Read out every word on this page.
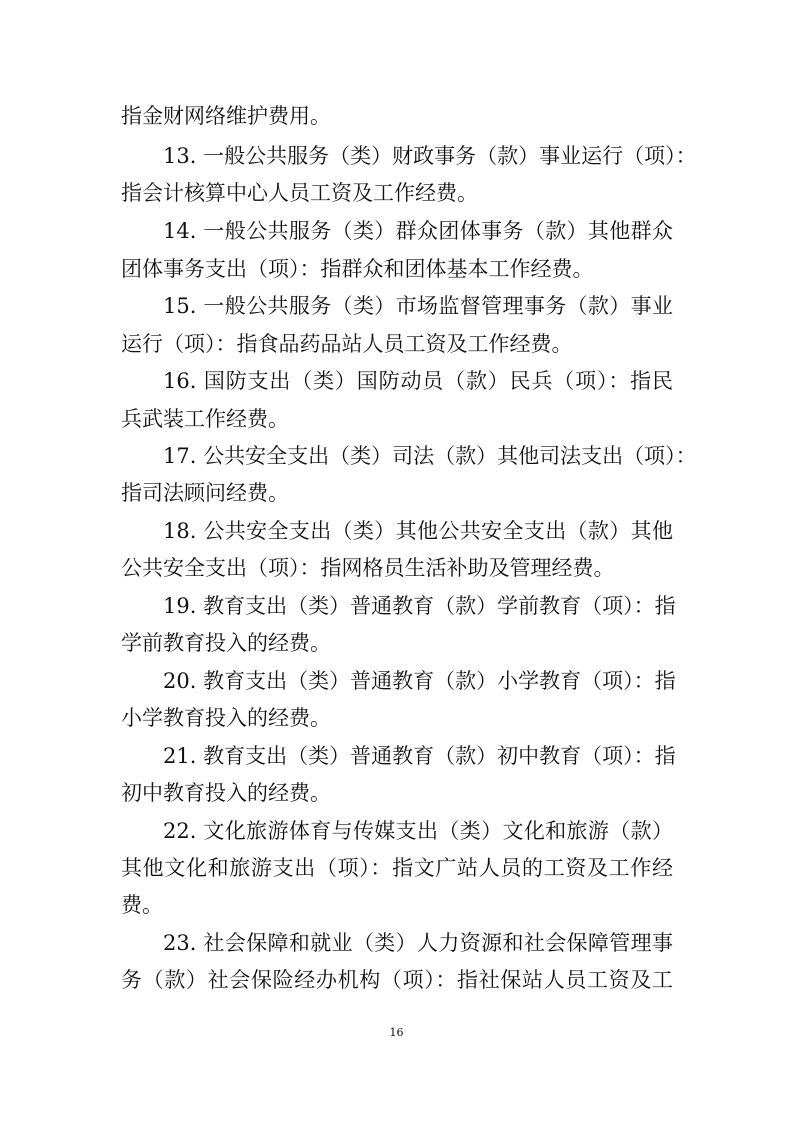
指金财网络维护费用。
13. 一般公共服务（类）财政事务（款）事业运行（项）：
指会计核算中心人员工资及工作经费。
14. 一般公共服务（类）群众团体事务（款）其他群众
团体事务支出（项）：指群众和团体基本工作经费。
15. 一般公共服务（类）市场监督管理事务（款）事业
运行（项）：指食品药品站人员工资及工作经费。
16. 国防支出（类）国防动员（款）民兵（项）：指民
兵武装工作经费。
17. 公共安全支出（类）司法（款）其他司法支出（项）：
指司法顾问经费。
18. 公共安全支出（类）其他公共安全支出（款）其他
公共安全支出（项）：指网格员生活补助及管理经费。
19. 教育支出（类）普通教育（款）学前教育（项）：指
学前教育投入的经费。
20. 教育支出（类）普通教育（款）小学教育（项）：指
小学教育投入的经费。
21. 教育支出（类）普通教育（款）初中教育（项）：指
初中教育投入的经费。
22. 文化旅游体育与传媒支出（类）文化和旅游（款）
其他文化和旅游支出（项）：指文广站人员的工资及工作经
费。
23. 社会保障和就业（类）人力资源和社会保障管理事
务（款）社会保险经办机构（项）：指社保站人员工资及工
16
